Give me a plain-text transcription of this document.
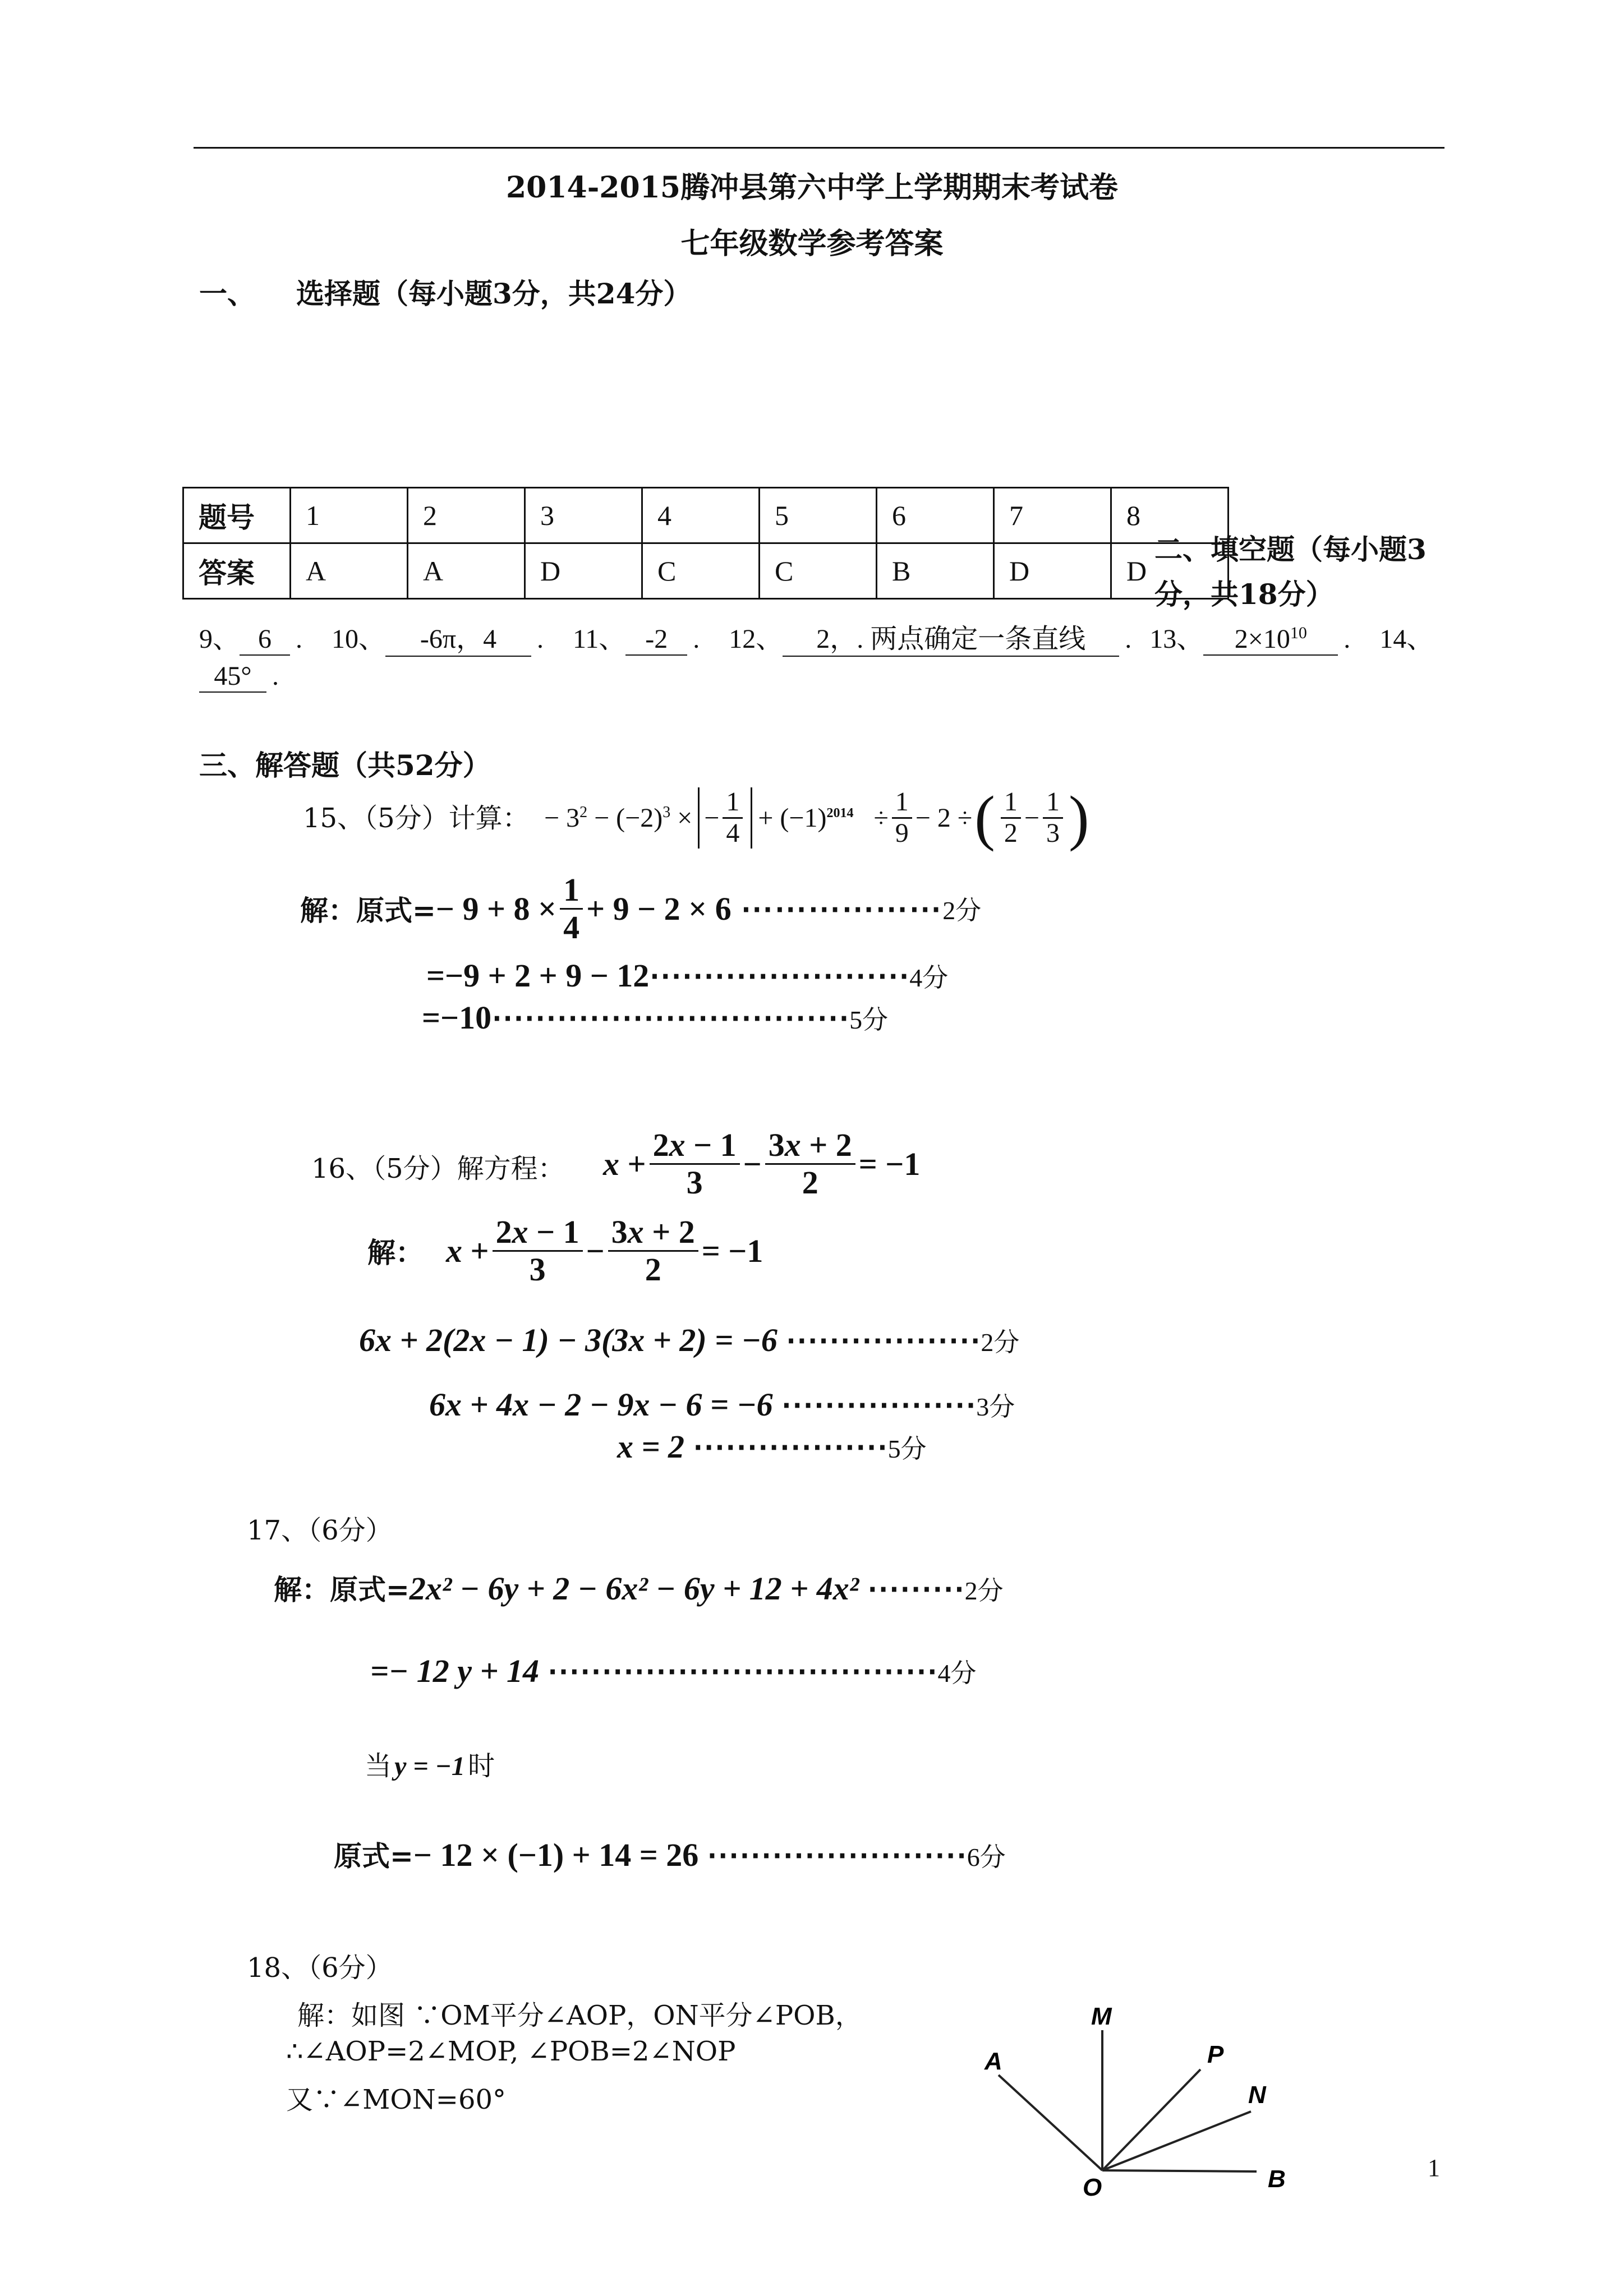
2014-2015腾冲县第六中学上学期期末考试卷
七年级数学参考答案
一、 选择题（每小题3分，共24分）
题号	1	2	3	4	5	6	7	8
答案	A	A	D	C	C	B	D	D
二、填空题（每小题3
分，共18分）
9、 6 . 10、 -6π，4 . 11、 -2 . 12、 2，. 两点确定一条直线 . 13、 $2\times 10^{10}$ . 14、
45° .
三、解答题（共52分）
15、（5分）计算： − $3^2 - (-2)^3$ × − $\frac{1}{4} + (-1)^{2014} \div \frac{1}{9} - 2$ ÷ ( $\frac{1}{2} - \frac{1}{3}$ )
解：原式= − $9 + 8 \times \frac{1}{4} + 9 - 2 \times 6$ ⋯⋯⋯⋯⋯⋯ 2分
=−9 + 2 + 9 − 12⋯⋯⋯⋯⋯⋯⋯⋯4分
=−10⋯⋯⋯⋯⋯⋯⋯⋯⋯⋯⋯5分
16、（5分）解方程： $x + \frac{2x - 1}{3} - \frac{3x + 2}{2} = -1$
解： $x + \frac{2x - 1}{3} - \frac{3x + 2}{2} = -1$
6x + 2(2x − 1) − 3(3x + 2) = −6 ⋯⋯⋯⋯⋯⋯2分
6x + 4x − 2 − 9x − 6 = −6 ⋯⋯⋯⋯⋯⋯3分
x = 2 ⋯⋯⋯⋯⋯⋯5分
17、（6分）
解：原式=2x² − 6y + 2 − 6x² − 6y + 12 + 4x² ⋯⋯⋯2分
=− 12 y + 14 ⋯⋯⋯⋯⋯⋯⋯⋯⋯⋯⋯⋯4分
当 y = −1 时
原式=− 12 × (−1) + 14 = 26 ⋯⋯⋯⋯⋯⋯⋯⋯6分
18、（6分）
解：如图 ∵OM平分∠AOP，ON平分∠POB，
∴∠AOP=2∠MOP, ∠POB=2∠NOP
又∵∠MON=60°
A
M
P
N
O	B	1
